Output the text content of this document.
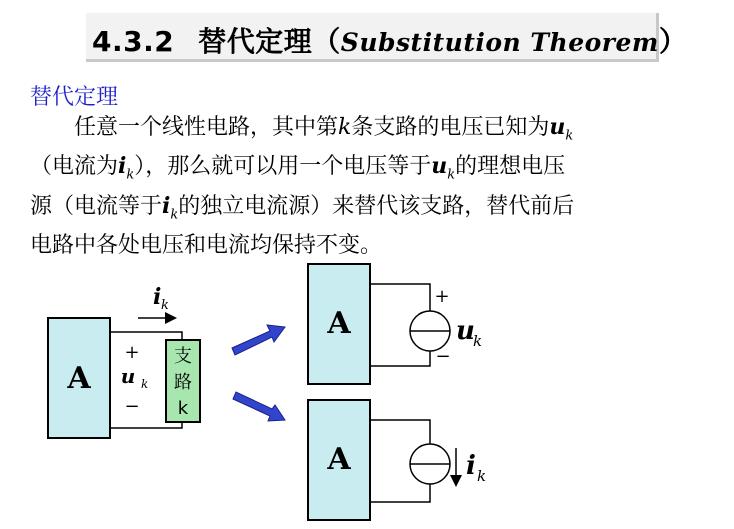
4.3.2 替代定理（Substitution Theorem）
替代定理
任意一个线性电路，其中第k条支路的电压已知为$u_k$
（电流为$i_k$），那么就可以用一个电压等于$u_k$的理想电压
源（电流等于$i_k$的独立电流源）来替代该支路，替代前后
电路中各处电压和电流均保持不变。
A
支
路
k
+
u k
−
i k
A
+
−
u
k
A	i k
